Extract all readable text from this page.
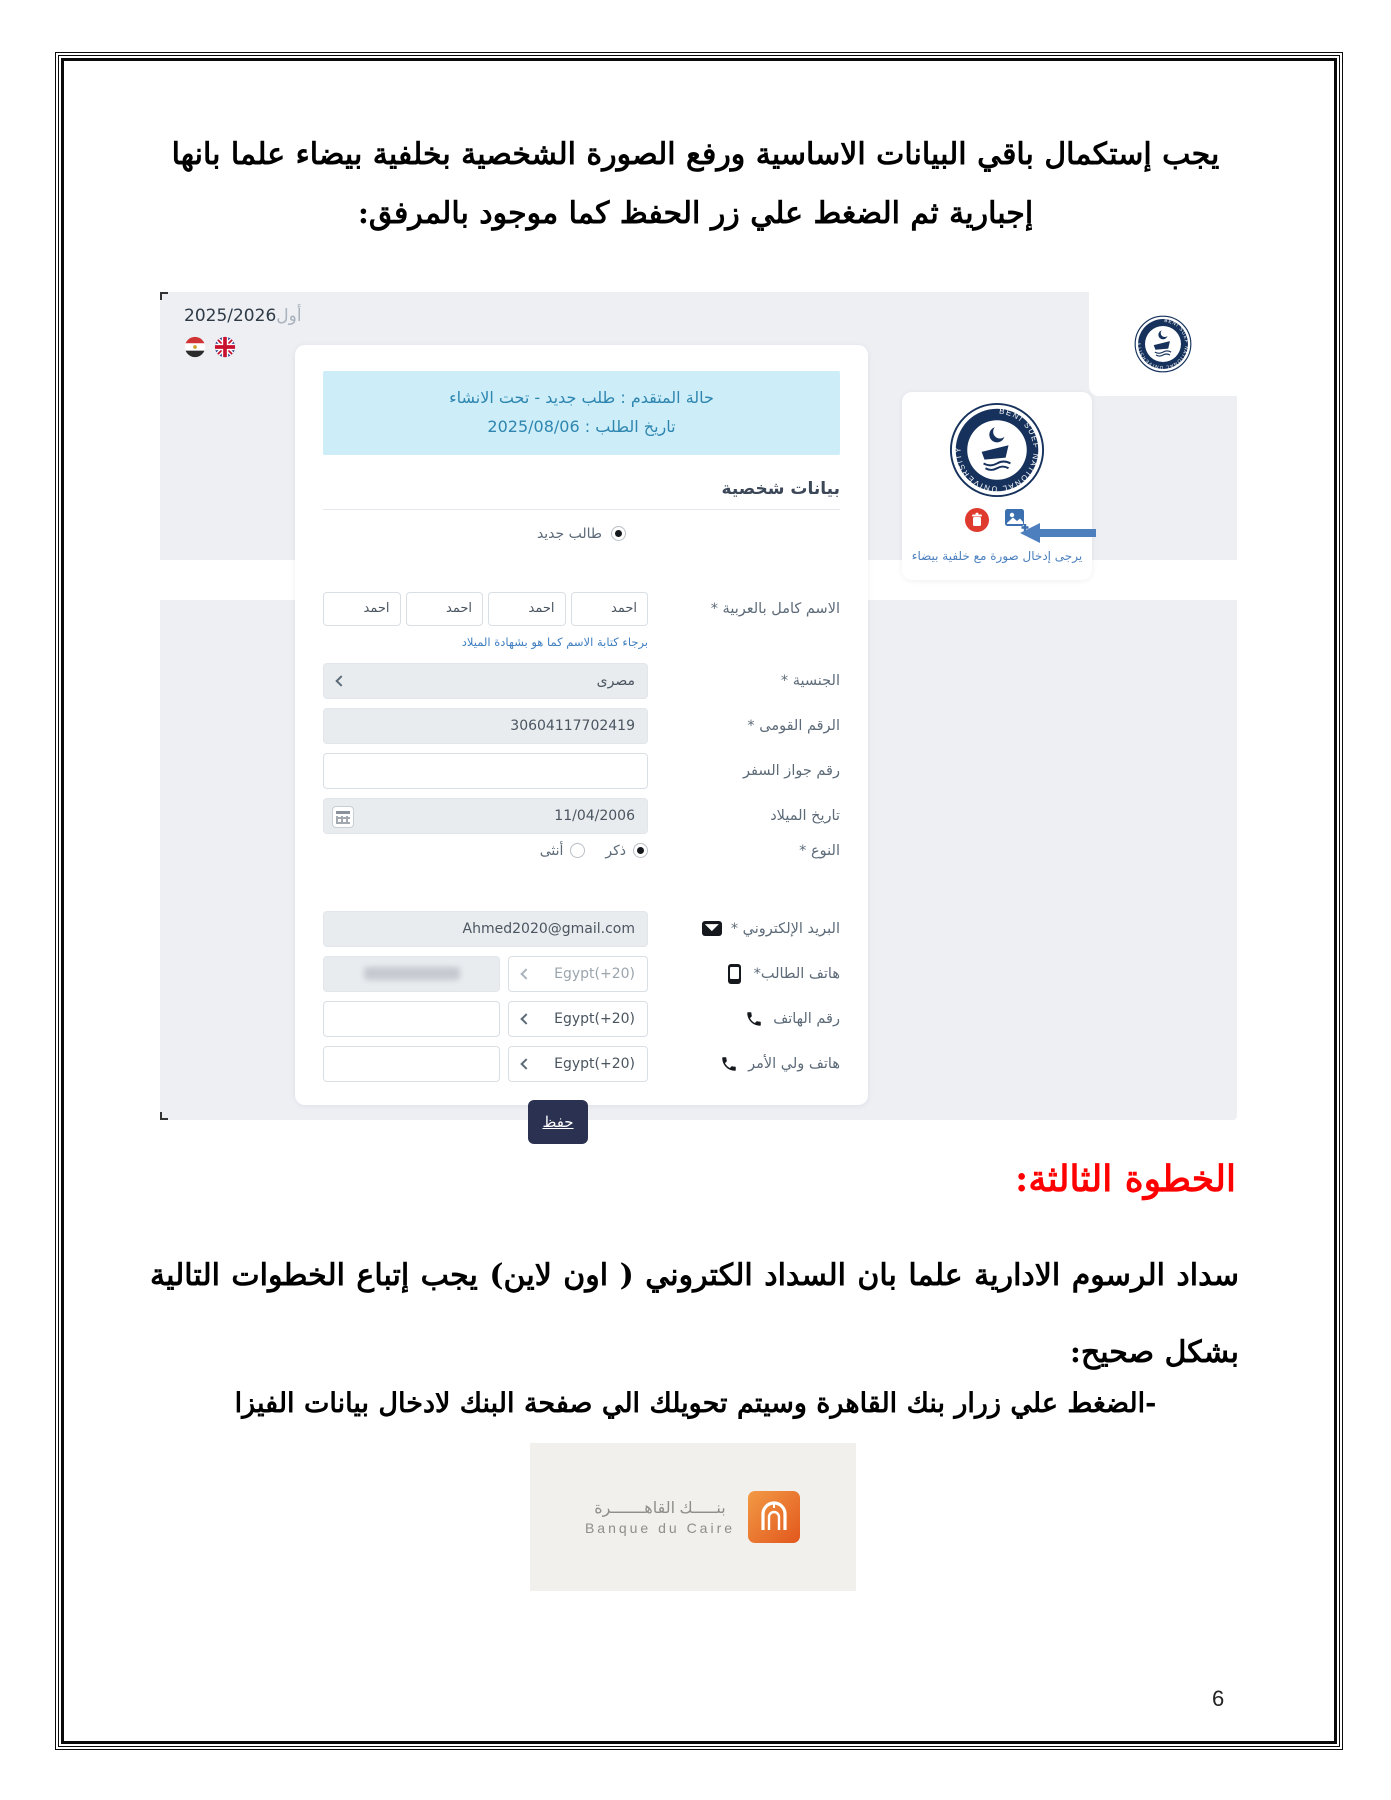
يجب إستكمال باقي البيانات الاساسية ورفع الصورة الشخصية بخلفية بيضاء علما بانها إجبارية ثم الضغط علي زر الحفظ كما موجود بالمرفق:

أول2025/2026
حالة المتقدم : طلب جديد - تحت الانشاء
تاريخ الطلب : 2025/08/06
بيانات شخصية
طالب جديد
الاسم كامل بالعربية *
احمد
احمد
احمد
احمد
برجاء كتابة الاسم كما هو بشهادة الميلاد
الجنسية *
مصرى
الرقم القومى *
30604117702419
رقم جواز السفر
تاريخ الميلاد
11/04/2006
النوع *
ذكر
أنثى
البريد الإلكتروني *
Ahmed2020@gmail.com
هاتف الطالب*
Egypt(+20)
رقم الهاتف
Egypt(+20)
هاتف ولي الأمر
Egypt(+20)
حفظ
يرجى إدخال صورة مع خلفية بيضاء
الخطوة الثالثة:

سداد الرسوم الادارية علما بان السداد الكتروني ( اون لاين) يجب إتباع الخطوات التالية بشكل صحيح:

‏-الضغط علي زرار بنك القاهرة وسيتم تحويلك الي صفحة البنك لادخال بيانات الفيزا

بنـــــك القاهـــــــرة
Banque du Caire
6
